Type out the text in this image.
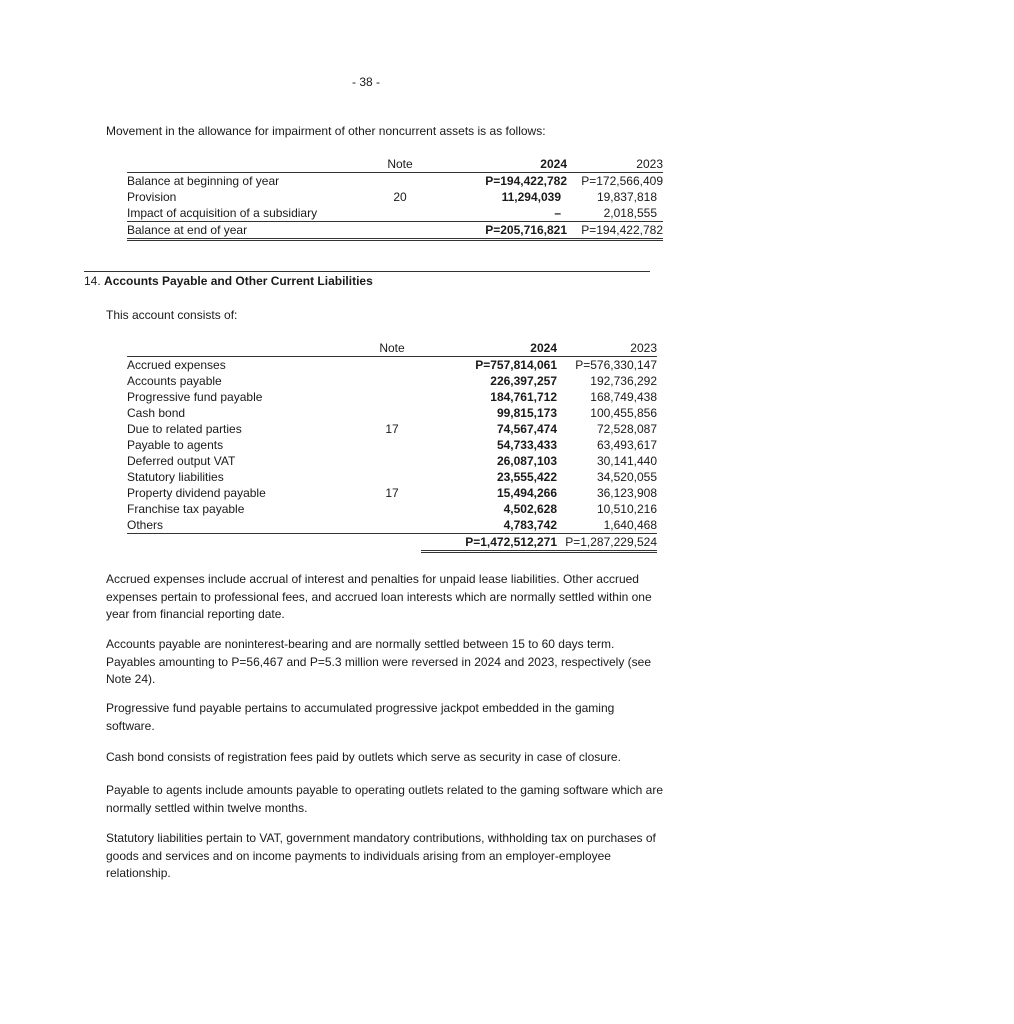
- 38 -
Movement in the allowance for impairment of other noncurrent assets is as follows:
	Note	2024	2023
Balance at beginning of year		P=194,422,782	P=172,566,409
Provision	20	11,294,039	19,837,818
Impact of acquisition of a subsidiary		–	2,018,555
Balance at end of year		P=205,716,821	P=194,422,782
14. Accounts Payable and Other Current Liabilities
This account consists of:
	Note	2024	2023
Accrued expenses		P=757,814,061	P=576,330,147
Accounts payable		226,397,257	192,736,292
Progressive fund payable		184,761,712	168,749,438
Cash bond		99,815,173	100,455,856
Due to related parties	17	74,567,474	72,528,087
Payable to agents		54,733,433	63,493,617
Deferred output VAT		26,087,103	30,141,440
Statutory liabilities		23,555,422	34,520,055
Property dividend payable	17	15,494,266	36,123,908
Franchise tax payable		4,502,628	10,510,216
Others		4,783,742	1,640,468
		P=1,472,512,271	P=1,287,229,524
Accrued expenses include accrual of interest and penalties for unpaid lease liabilities. Other accrued expenses pertain to professional fees, and accrued loan interests which are normally settled within one year from financial reporting date.
Accounts payable are noninterest-bearing and are normally settled between 15 to 60 days term. Payables amounting to P=56,467 and P=5.3 million were reversed in 2024 and 2023, respectively (see Note 24).
Progressive fund payable pertains to accumulated progressive jackpot embedded in the gaming software.
Cash bond consists of registration fees paid by outlets which serve as security in case of closure.
Payable to agents include amounts payable to operating outlets related to the gaming software which are normally settled within twelve months.
Statutory liabilities pertain to VAT, government mandatory contributions, withholding tax on purchases of goods and services and on income payments to individuals arising from an employer-employee relationship.
